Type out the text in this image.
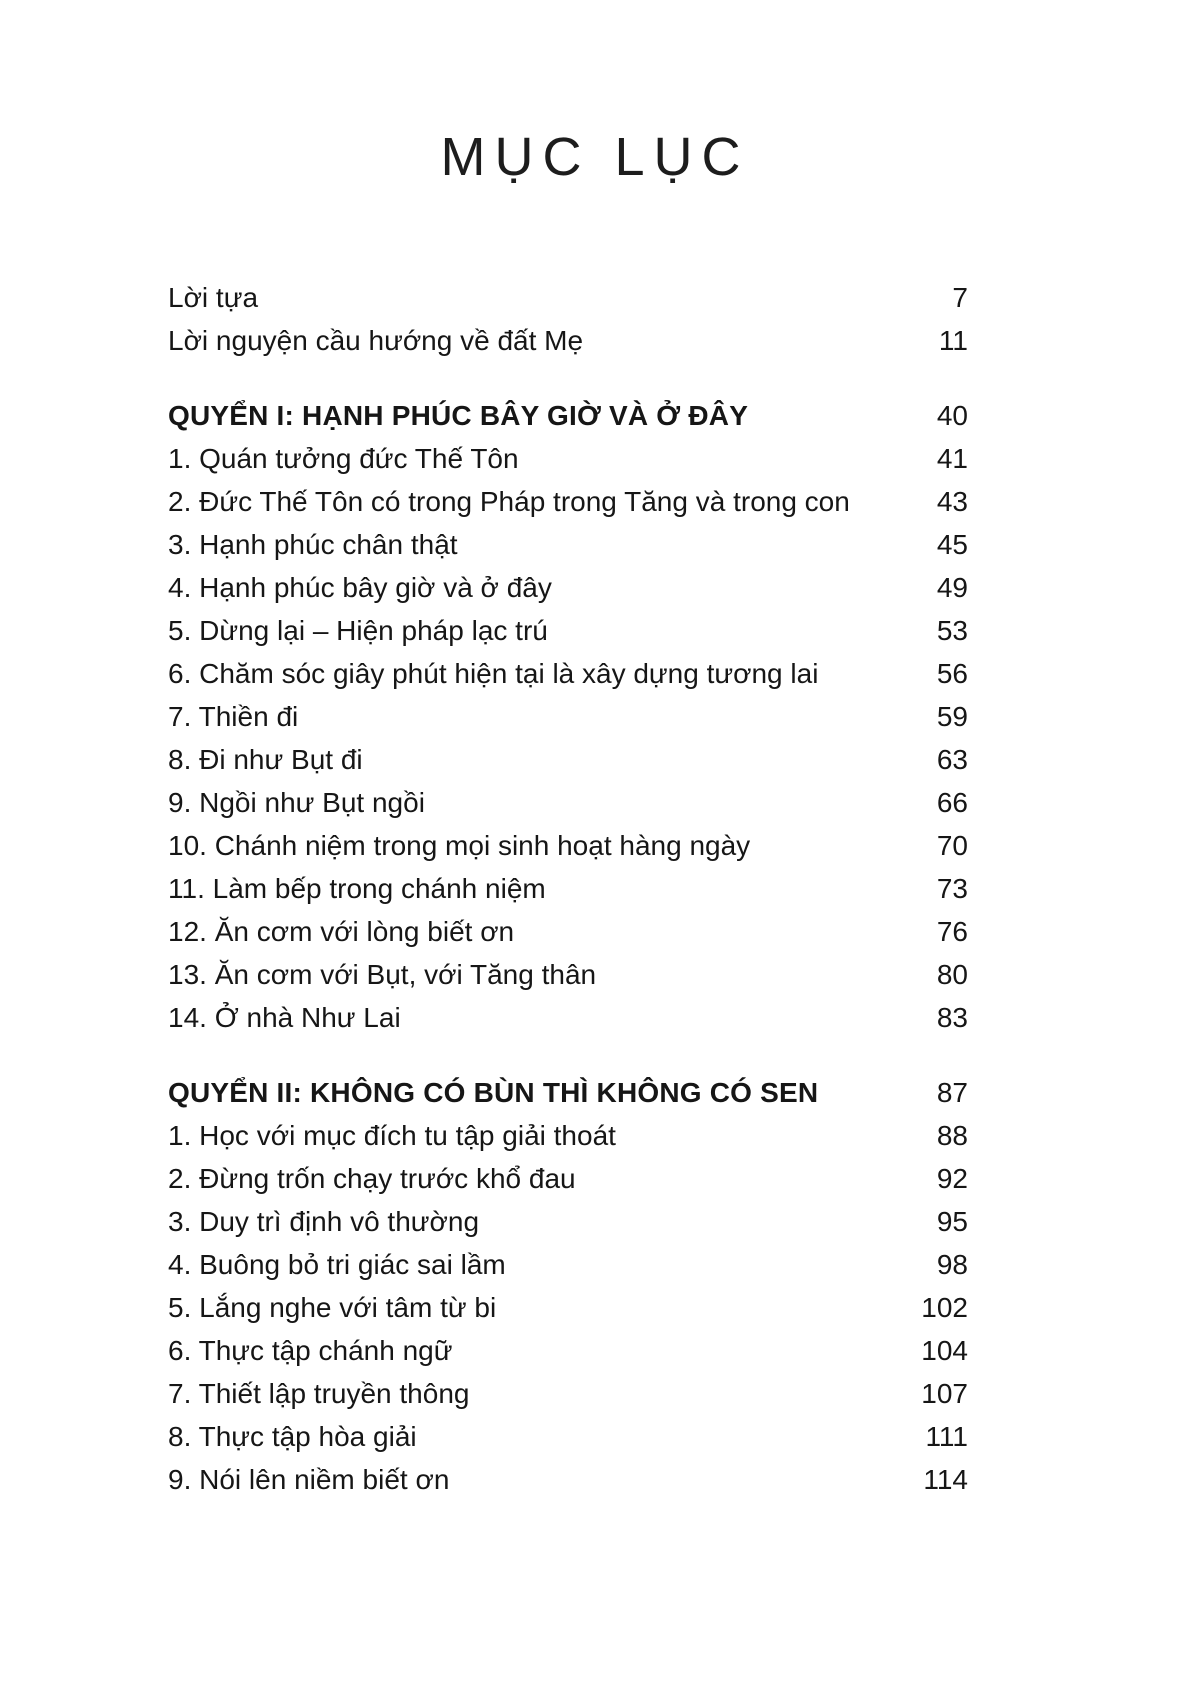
MỤC LỤC
Lời tựa	7
Lời nguyện cầu hướng về đất Mẹ	11
QUYỂN I: HẠNH PHÚC BÂY GIỜ VÀ Ở ĐÂY	40
1. Quán tưởng đức Thế Tôn	41
2. Đức Thế Tôn có trong Pháp trong Tăng và trong con	43
3. Hạnh phúc chân thật	45
4. Hạnh phúc bây giờ và ở đây	49
5. Dừng lại – Hiện pháp lạc trú	53
6. Chăm sóc giây phút hiện tại là xây dựng tương lai	56
7. Thiền đi	59
8. Đi như Bụt đi	63
9. Ngồi như Bụt ngồi	66
10. Chánh niệm trong mọi sinh hoạt hàng ngày	70
11. Làm bếp trong chánh niệm	73
12. Ăn cơm với lòng biết ơn	76
13. Ăn cơm với Bụt, với Tăng thân	80
14. Ở nhà Như Lai	83
QUYỂN II: KHÔNG CÓ BÙN THÌ KHÔNG CÓ SEN	87
1. Học với mục đích tu tập giải thoát	88
2. Đừng trốn chạy trước khổ đau	92
3. Duy trì định vô thường	95
4. Buông bỏ tri giác sai lầm	98
5. Lắng nghe với tâm từ bi	102
6. Thực tập chánh ngữ	104
7. Thiết lập truyền thông	107
8. Thực tập hòa giải	111
9. Nói lên niềm biết ơn	114
